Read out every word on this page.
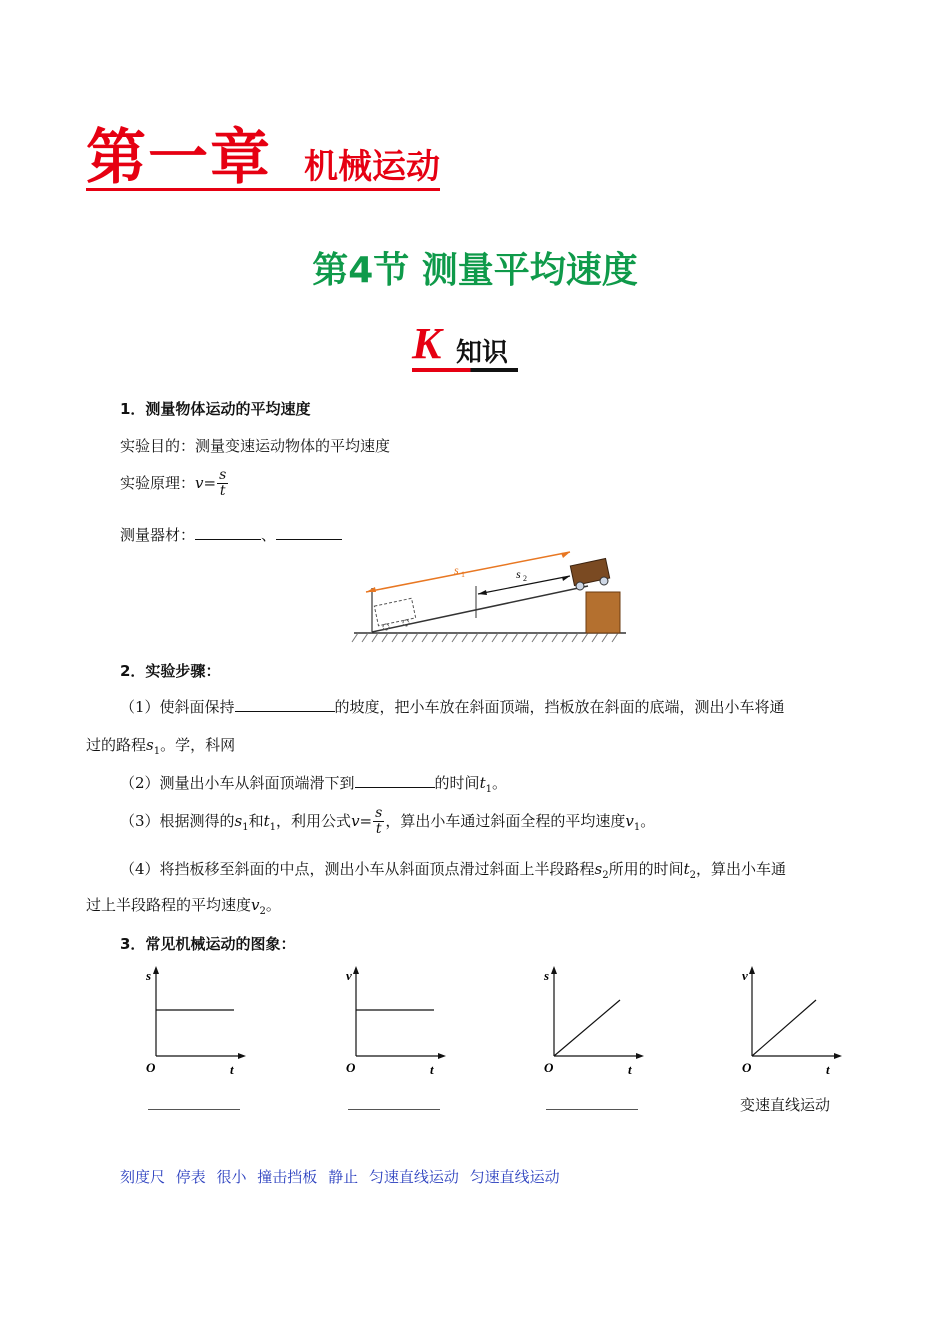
第一章 机械运动
第4节 测量平均速度
K 知识
1．测量物体运动的平均速度
实验目的：测量变速运动物体的平均速度
实验原理：$v= \frac{s}{t}$
测量器材：	、
s 1	s 2
2．实验步骤：
（1）使斜面保持	的坡度，把小车放在斜面顶端，挡板放在斜面的底端，测出小车将通
过的路程$s_1$。学，科网
（2）测量出小车从斜面顶端滑下到	的时间$t_1$。
（3）根据测得的$s_1$和$t_1$，利用公式$v= \frac{s}{t}$ ，算出小车通过斜面全程的平均速度$v_1$。
（4）将挡板移至斜面的中点，测出小车从斜面顶点滑过斜面上半段路程$s_2$所用的时间$t_2$，算出小车通
过上半段路程的平均速度$v_2$。
3．常见机械运动的图象：
s
t
O
v
t
O
s
t
O
v
t
O
变速直线运动
刻度尺 停表 很小 撞击挡板 静止 匀速直线运动 匀速直线运动
